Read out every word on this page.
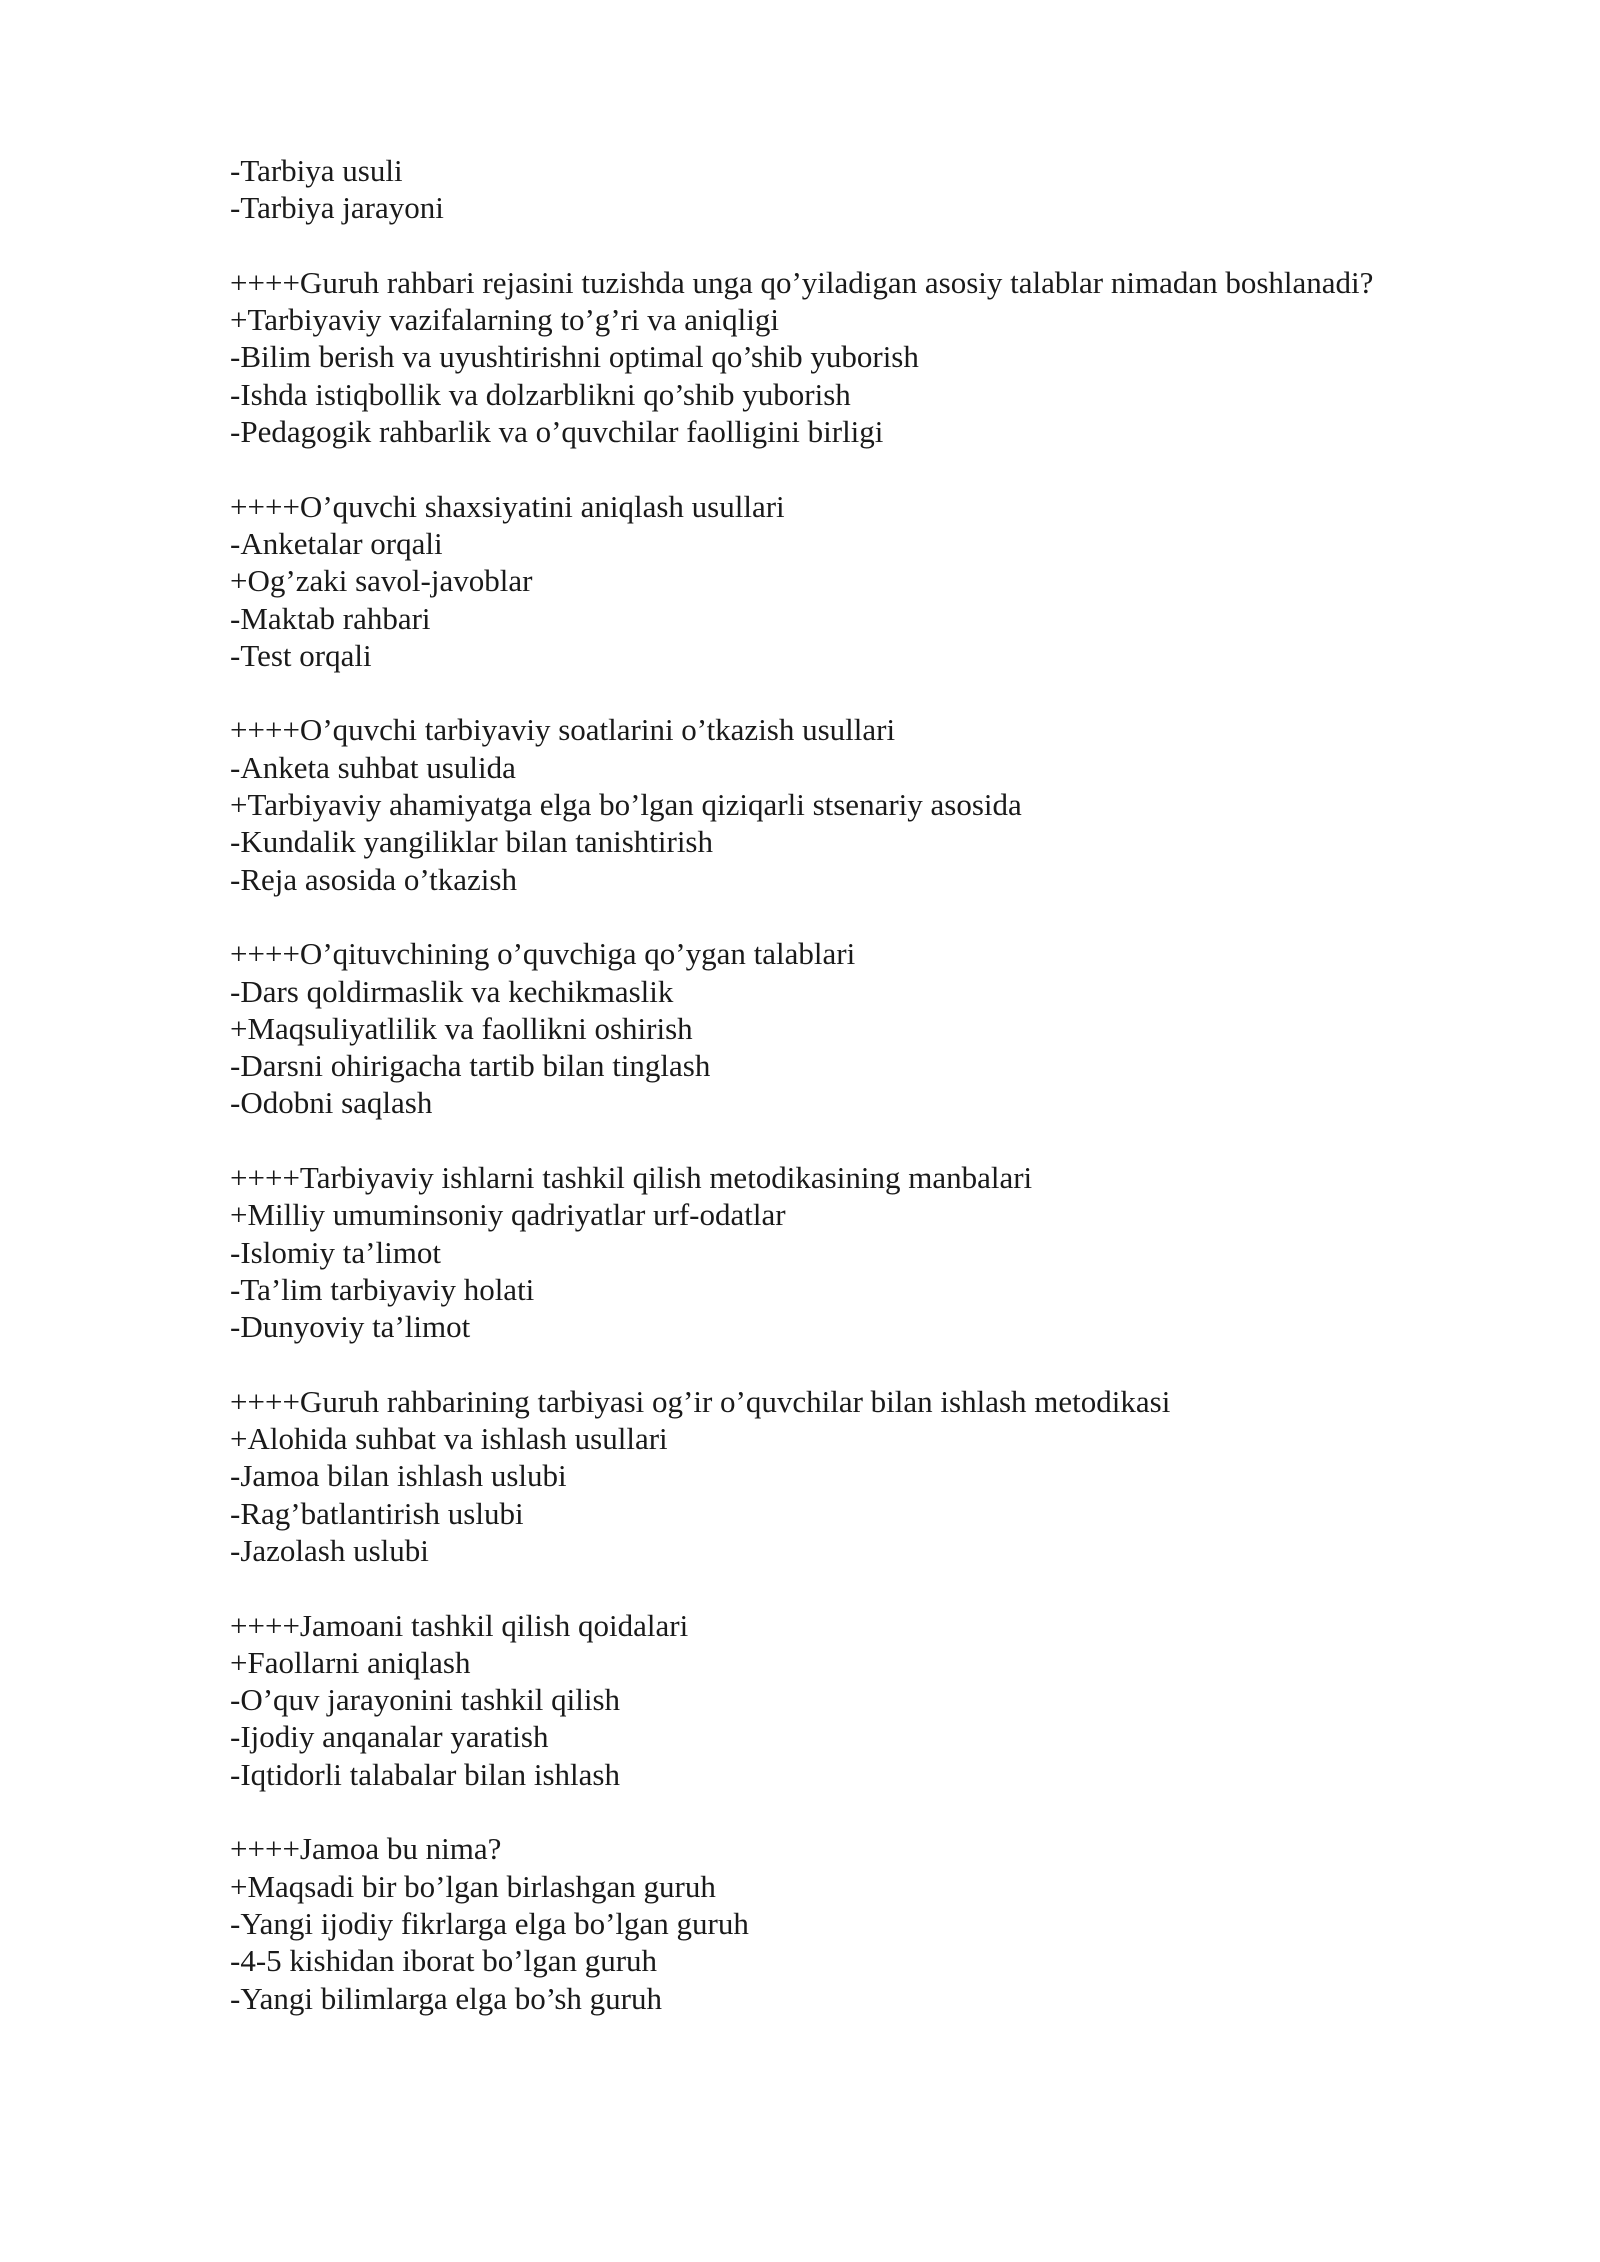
-Tarbiya usuli
-Tarbiya jarayoni
++++Guruh rahbari rejasini tuzishda unga qo’yiladigan asosiy talablar nimadan boshlanadi?
+Tarbiyaviy vazifalarning to’g’ri va aniqligi
-Bilim berish va uyushtirishni optimal qo’shib yuborish
-Ishda istiqbollik va dolzarblikni qo’shib yuborish
-Pedagogik rahbarlik va o’quvchilar faolligini birligi
++++O’quvchi shaxsiyatini aniqlash usullari
-Anketalar orqali
+Og’zaki savol-javoblar
-Maktab rahbari
-Test orqali
++++O’quvchi tarbiyaviy soatlarini o’tkazish usullari
-Anketa suhbat usulida
+Tarbiyaviy ahamiyatga elga bo’lgan qiziqarli stsenariy asosida
-Kundalik yangiliklar bilan tanishtirish
-Reja asosida o’tkazish
++++O’qituvchining o’quvchiga qo’ygan talablari
-Dars qoldirmaslik va kechikmaslik
+Maqsuliyatlilik va faollikni oshirish
-Darsni ohirigacha tartib bilan tinglash
-Odobni saqlash
++++Tarbiyaviy ishlarni tashkil qilish metodikasining manbalari
+Milliy umuminsoniy qadriyatlar urf-odatlar
-Islomiy ta’limot
-Ta’lim tarbiyaviy holati
-Dunyoviy ta’limot
++++Guruh rahbarining tarbiyasi og’ir o’quvchilar bilan ishlash metodikasi
+Alohida suhbat va ishlash usullari
-Jamoa bilan ishlash uslubi
-Rag’batlantirish uslubi
-Jazolash uslubi
++++Jamoani tashkil qilish qoidalari
+Faollarni aniqlash
-O’quv jarayonini tashkil qilish
-Ijodiy anqanalar yaratish
-Iqtidorli talabalar bilan ishlash
++++Jamoa bu nima?
+Maqsadi bir bo’lgan birlashgan guruh
-Yangi ijodiy fikrlarga elga bo’lgan guruh
-4-5 kishidan iborat bo’lgan guruh
-Yangi bilimlarga elga bo’sh guruh
